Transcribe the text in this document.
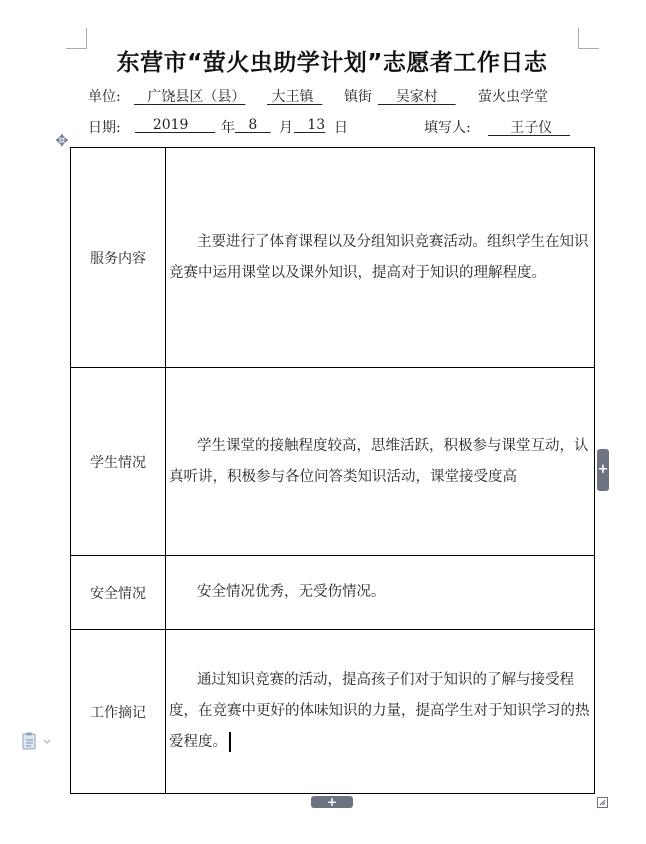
东营市“萤火虫助学计划”志愿者工作日志
单位:	广饶县区（县）	大王镇	镇街	吴家村	萤火虫学堂
日期:	2019	年 8	月	13 日	填写人:	王子仪
✥
服务内容	主要进行了体育课程以及分组知识竞赛活动。组织学生在知识竞赛中运用课堂以及课外知识，提高对于知识的理解程度。
学生情况	学生课堂的接触程度较高，思维活跃，积极参与课堂互动，认真听讲，积极参与各位问答类知识活动，课堂接受度高
安全情况	安全情况优秀，无受伤情况。
工作摘记	通过知识竞赛的活动，提高孩子们对于知识的了解与接受程度，在竞赛中更好的体味知识的力量，提高学生对于知识学习的热爱程度。
+
+
